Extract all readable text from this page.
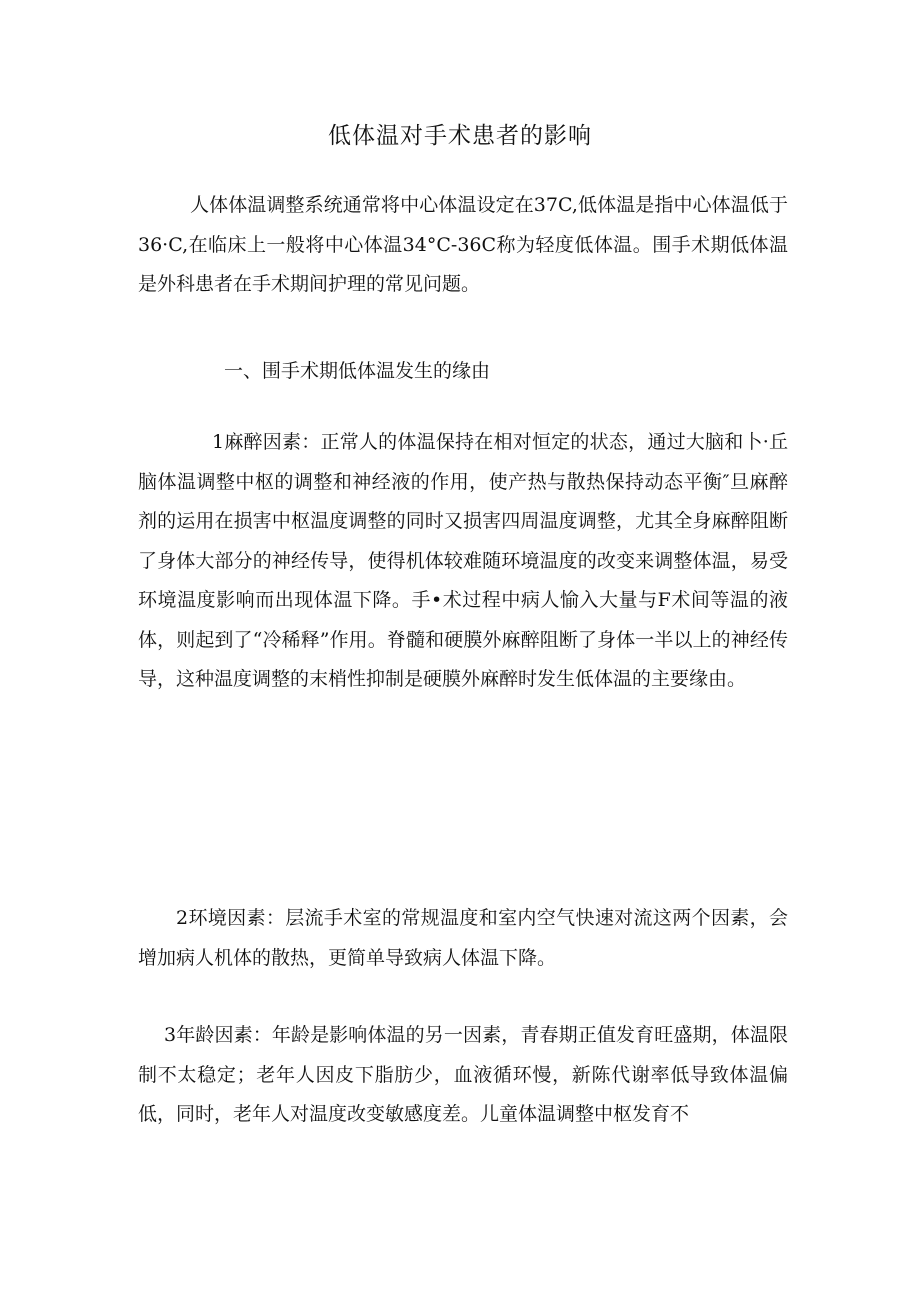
低体温对手术患者的影响

人体体温调整系统通常将中心体温设定在37C,低体温是指中心体温低于36·C,在临床上一般将中心体温34°C-36C称为轻度低体温。围手术期低体温是外科患者在手术期间护理的常见问题。

一、围手术期低体温发生的缘由

1麻醉因素：正常人的体温保持在相对恒定的状态，通过大脑和卜·丘脑体温调整中枢的调整和神经液的作用，使产热与散热保持动态平衡″旦麻醉剂的运用在损害中枢温度调整的同时又损害四周温度调整，尤其全身麻醉阻断了身体大部分的神经传导，使得机体较难随环境温度的改变来调整体温，易受环境温度影响而出现体温下降。手•术过程中病人愉入大量与F术间等温的液体，则起到了“冷稀释”作用。脊髓和硬膜外麻醉阻断了身体一半以上的神经传导，这种温度调整的末梢性抑制是硬膜外麻醉时发生低体温的主要缘由。

2环境因素：层流手术室的常规温度和室内空气快速对流这两个因素，会增加病人机体的散热，更简单导致病人体温下降。

3年龄因素：年龄是影响体温的另一因素，青春期正值发育旺盛期，体温限制不太稳定；老年人因皮下脂肪少，血液循环慢，新陈代谢率低导致体温偏低，同时，老年人对温度改变敏感度差。儿童体温调整中枢发育不
